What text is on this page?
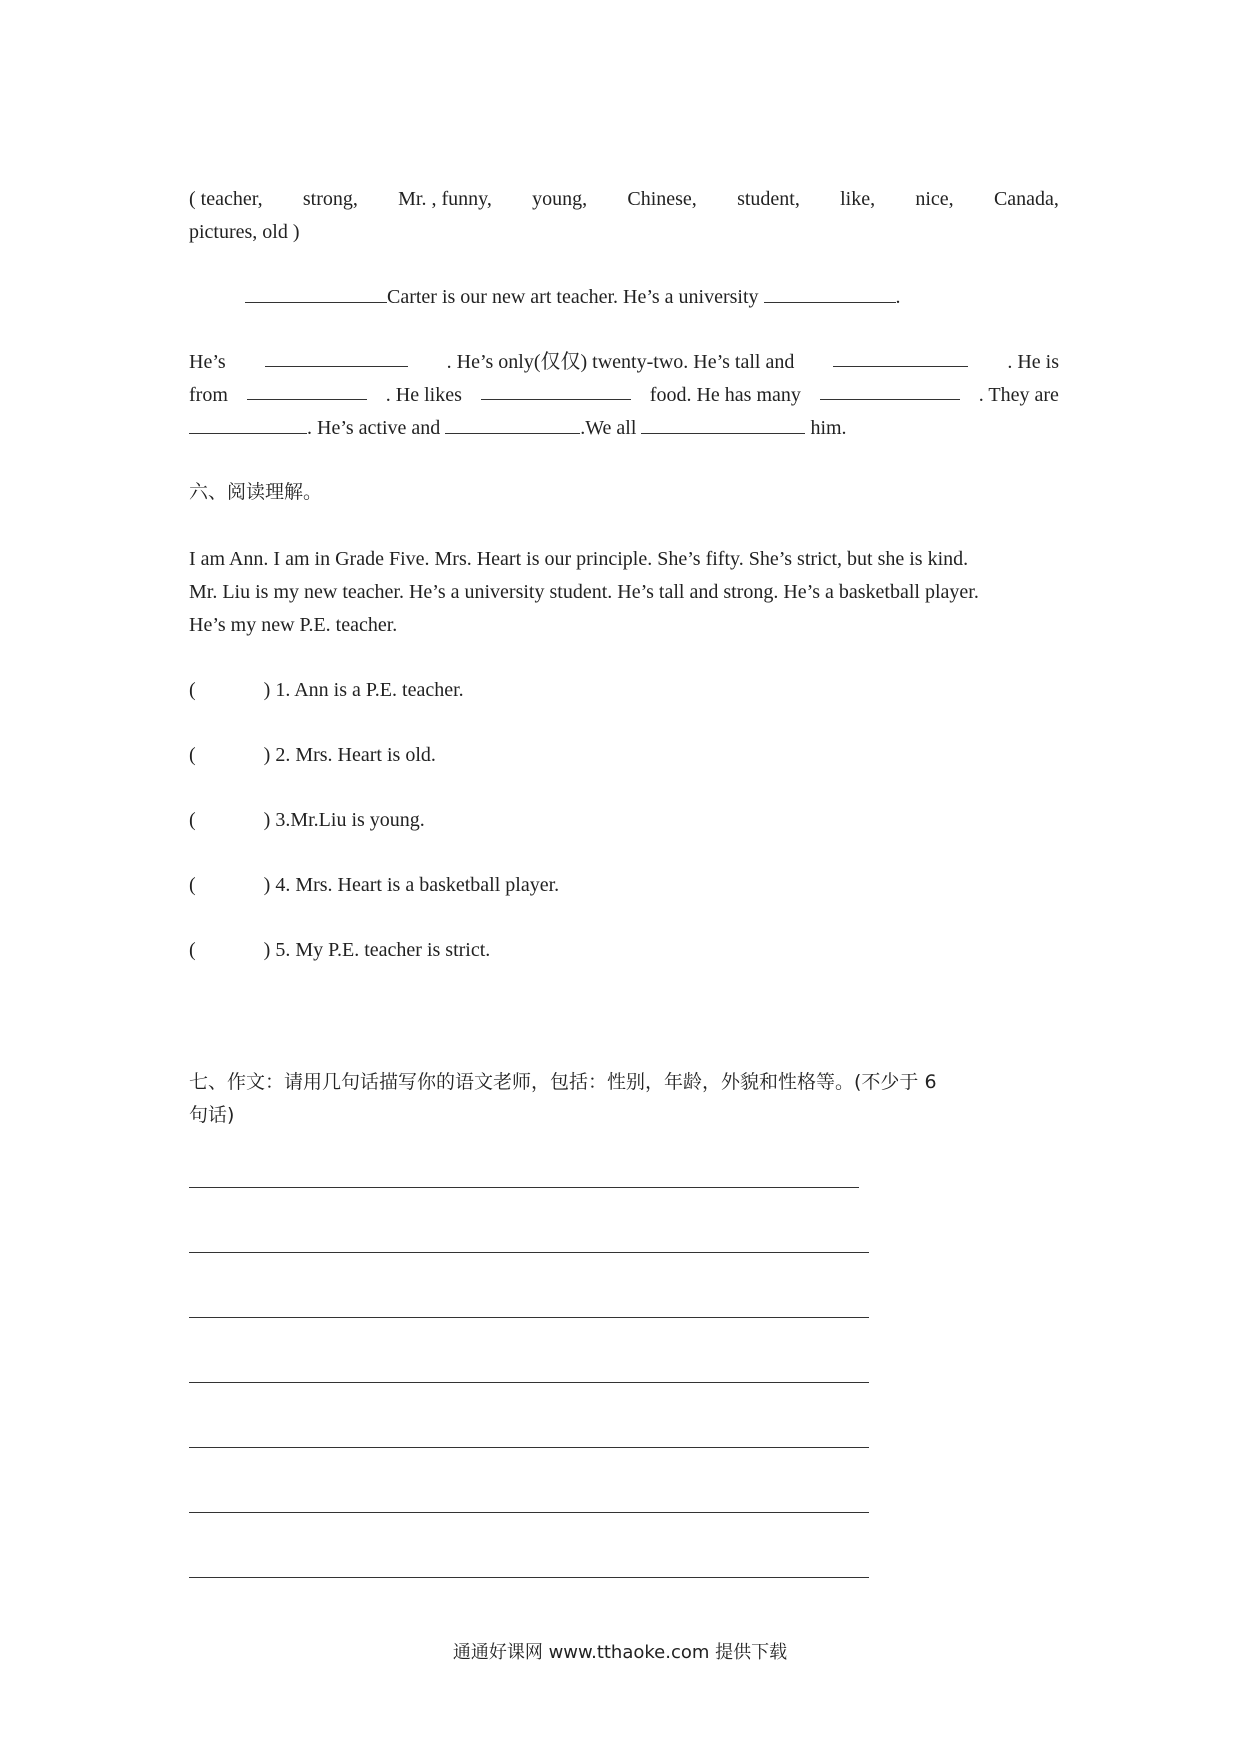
( teacher, strong, Mr. , funny, young, Chinese, student, like, nice, Canada,
pictures, old )
Carter is our new art teacher. He’s a university	.
He’s	. He’s only(仅仅) twenty-two. He’s tall and	. He is
from	. He likes	food. He has many	. They are
. He’s active and	.We all	him.
六、阅读理解。
I am Ann. I am in Grade Five. Mrs. Heart is our principle. She’s fifty. She’s strict, but she is kind.
Mr. Liu is my new teacher. He’s a university student. He’s tall and strong. He’s a basketball player.
He’s my new P.E. teacher.
(	) 1. Ann is a P.E. teacher.
(	) 2. Mrs. Heart is old.
(	) 3.Mr.Liu is young.
(	) 4. Mrs. Heart is a basketball player.
(	) 5. My P.E. teacher is strict.
七、作文：请用几句话描写你的语文老师，包括：性别，年龄，外貌和性格等。(不少于 6
句话)
通通好课网 www.tthaoke.com 提供下载
